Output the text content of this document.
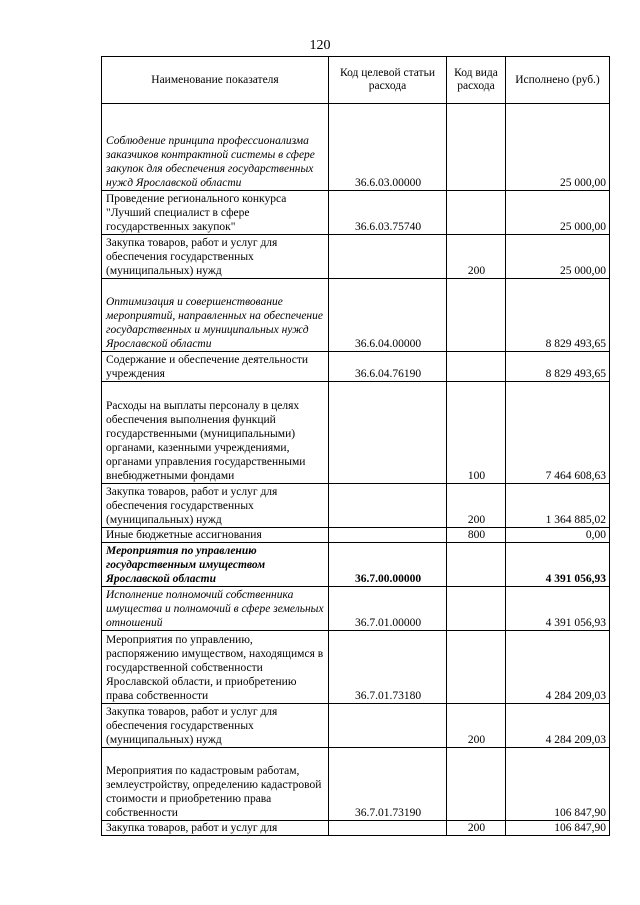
120
Наименование показателя	Код целевой статьи расхода	Код вида расхода	Исполнено (руб.)
Соблюдение принципа профессионализма заказчиков контрактной системы в сфере закупок для обеспечения государственных нужд Ярославской области	36.6.03.00000		25 000,00
Проведение регионального конкурса "Лучший специалист в сфере государственных закупок"	36.6.03.75740		25 000,00
Закупка товаров, работ и услуг для обеспечения государственных (муниципальных) нужд		200	25 000,00
Оптимизация и совершенствование мероприятий, направленных на обеспечение государственных и муниципальных нужд Ярославской области	36.6.04.00000		8 829 493,65
Содержание и обеспечение деятельности учреждения	36.6.04.76190		8 829 493,65
Расходы на выплаты персоналу в целях обеспечения выполнения функций государственными (муниципальными) органами, казенными учреждениями, органами управления государственными внебюджетными фондами		100	7 464 608,63
Закупка товаров, работ и услуг для обеспечения государственных (муниципальных) нужд		200	1 364 885,02
Иные бюджетные ассигнования		800	0,00
Мероприятия по управлению государственным имуществом Ярославской области	36.7.00.00000		4 391 056,93
Исполнение полномочий собственника имущества и полномочий в сфере земельных отношений	36.7.01.00000		4 391 056,93
Мероприятия по управлению, распоряжению имуществом, находящимся в государственной собственности Ярославской области, и приобретению права собственности	36.7.01.73180		4 284 209,03
Закупка товаров, работ и услуг для обеспечения государственных (муниципальных) нужд		200	4 284 209,03
Мероприятия по кадастровым работам, землеустройству, определению кадастровой стоимости и приобретению права собственности	36.7.01.73190		106 847,90
Закупка товаров, работ и услуг для		200	106 847,90
